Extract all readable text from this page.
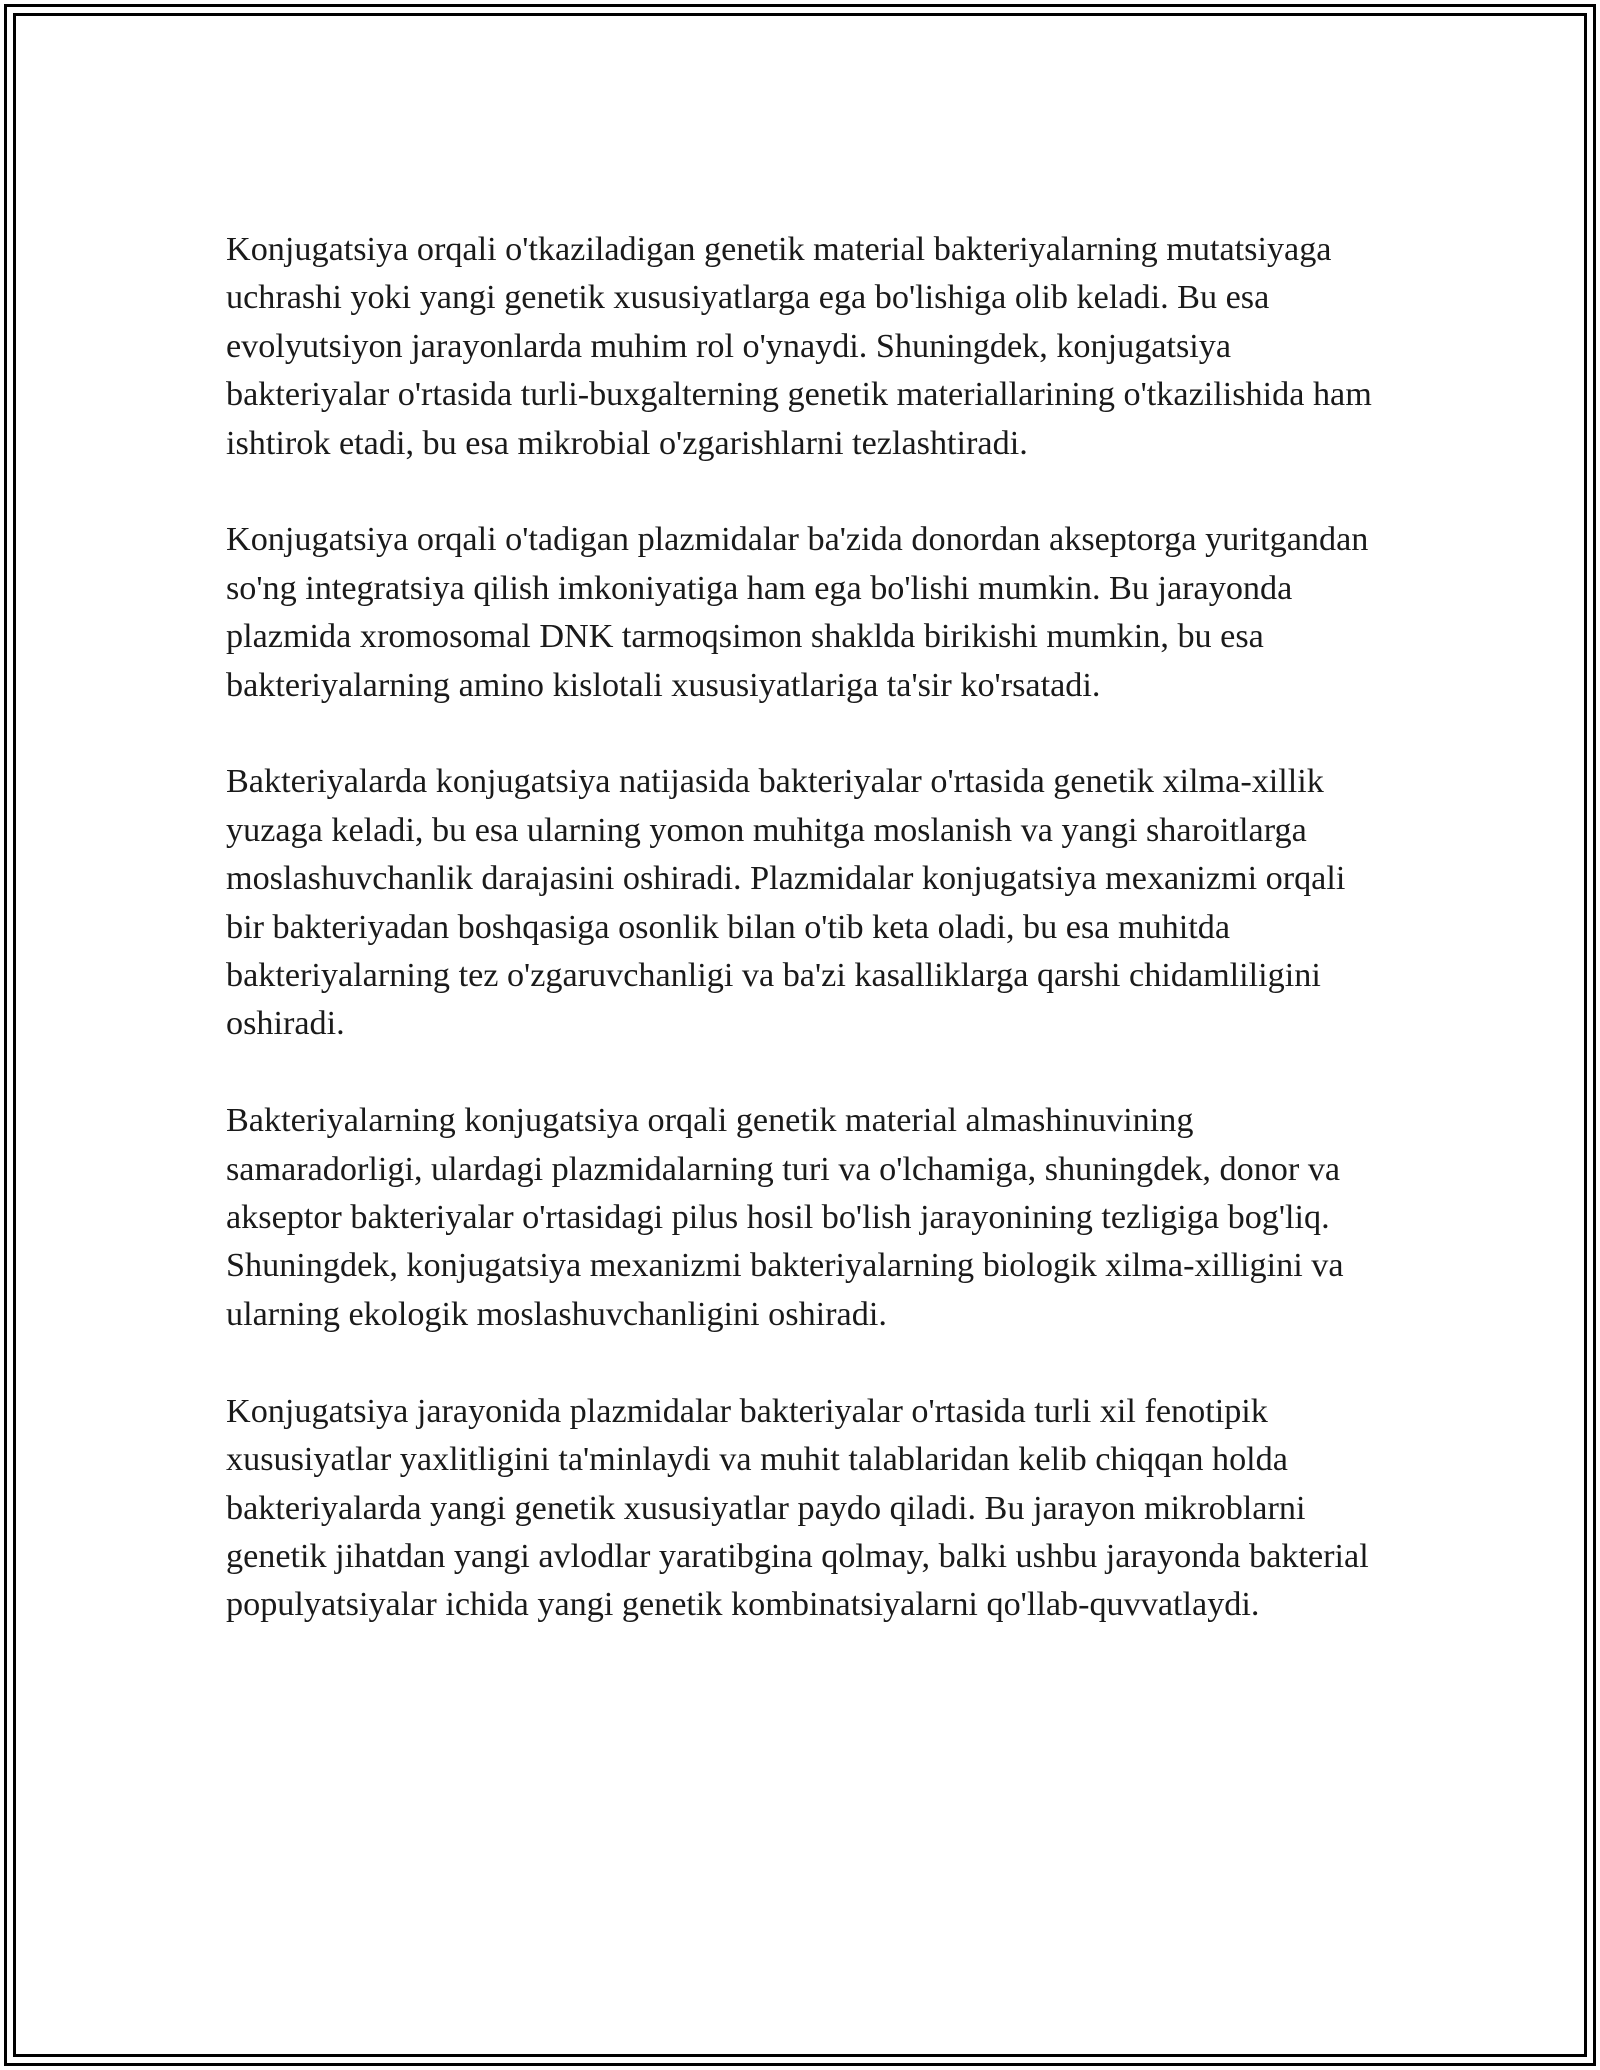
Konjugatsiya orqali o'tkaziladigan genetik material bakteriyalarning mutatsiyaga uchrashi yoki yangi genetik xususiyatlarga ega bo'lishiga olib keladi. Bu esa evolyutsiyon jarayonlarda muhim rol o'ynaydi. Shuningdek, konjugatsiya bakteriyalar o'rtasida turli-buxgalterning genetik materiallarining o'tkazilishida ham ishtirok etadi, bu esa mikrobial o'zgarishlarni tezlashtiradi.

Konjugatsiya orqali o'tadigan plazmidalar ba'zida donordan akseptorga yuritgandan so'ng integratsiya qilish imkoniyatiga ham ega bo'lishi mumkin. Bu jarayonda plazmida xromosomal DNK tarmoqsimon shaklda birikishi mumkin, bu esa bakteriyalarning amino kislotali xususiyatlariga ta'sir ko'rsatadi.

Bakteriyalarda konjugatsiya natijasida bakteriyalar o'rtasida genetik xilma-xillik yuzaga keladi, bu esa ularning yomon muhitga moslanish va yangi sharoitlarga moslashuvchanlik darajasini oshiradi. Plazmidalar konjugatsiya mexanizmi orqali bir bakteriyadan boshqasiga osonlik bilan o'tib keta oladi, bu esa muhitda bakteriyalarning tez o'zgaruvchanligi va ba'zi kasalliklarga qarshi chidamliligini oshiradi.

Bakteriyalarning konjugatsiya orqali genetik material almashinuvining samaradorligi, ulardagi plazmidalarning turi va o'lchamiga, shuningdek, donor va akseptor bakteriyalar o'rtasidagi pilus hosil bo'lish jarayonining tezligiga bog'liq. Shuningdek, konjugatsiya mexanizmi bakteriyalarning biologik xilma-xilligini va ularning ekologik moslashuvchanligini oshiradi.

Konjugatsiya jarayonida plazmidalar bakteriyalar o'rtasida turli xil fenotipik xususiyatlar yaxlitligini ta'minlaydi va muhit talablaridan kelib chiqqan holda bakteriyalarda yangi genetik xususiyatlar paydo qiladi. Bu jarayon mikroblarni genetik jihatdan yangi avlodlar yaratibgina qolmay, balki ushbu jarayonda bakterial populyatsiyalar ichida yangi genetik kombinatsiyalarni qo'llab-quvvatlaydi.
